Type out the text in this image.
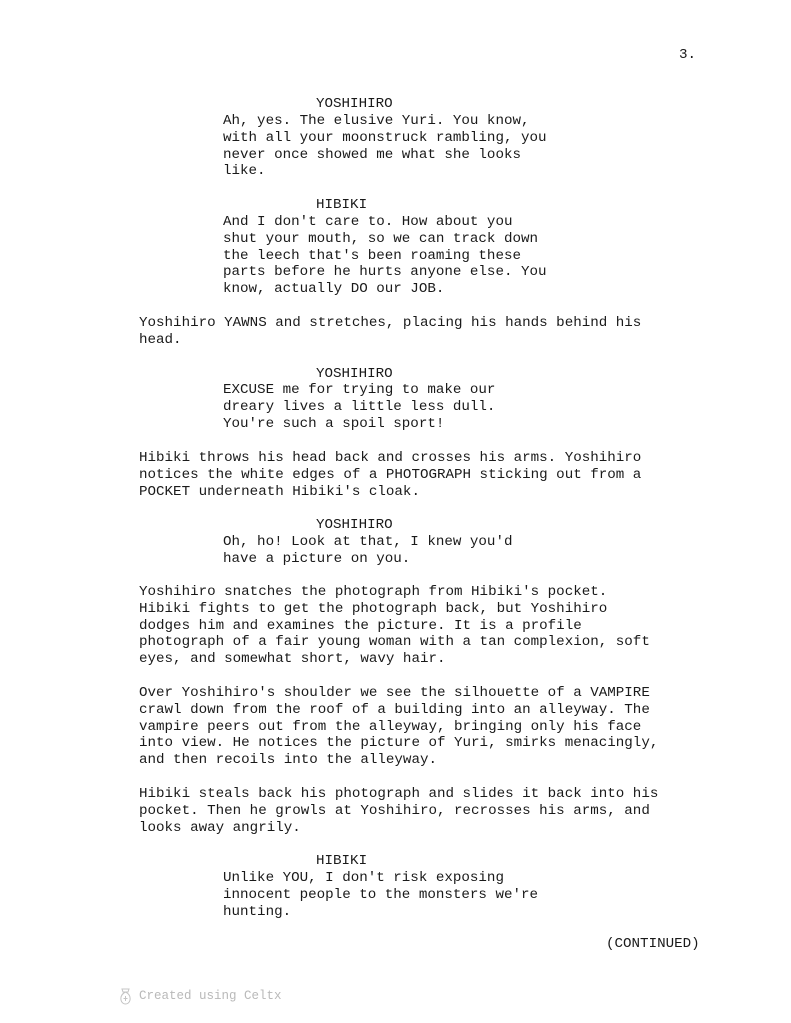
3.

YOSHIHIRO

Ah, yes. The elusive Yuri. You know,
with all your moonstruck rambling, you
never once showed me what she looks
like.

HIBIKI

And I don't care to. How about you
shut your mouth, so we can track down
the leech that's been roaming these
parts before he hurts anyone else. You
know, actually DO our JOB.

Yoshihiro YAWNS and stretches, placing his hands behind his
head.

YOSHIHIRO

EXCUSE me for trying to make our
dreary lives a little less dull.
You're such a spoil sport!

Hibiki throws his head back and crosses his arms. Yoshihiro
notices the white edges of a PHOTOGRAPH sticking out from a
POCKET underneath Hibiki's cloak.

YOSHIHIRO

Oh, ho! Look at that, I knew you'd
have a picture on you.

Yoshihiro snatches the photograph from Hibiki's pocket.
Hibiki fights to get the photograph back, but Yoshihiro
dodges him and examines the picture. It is a profile
photograph of a fair young woman with a tan complexion, soft
eyes, and somewhat short, wavy hair.

Over Yoshihiro's shoulder we see the silhouette of a VAMPIRE
crawl down from the roof of a building into an alleyway. The
vampire peers out from the alleyway, bringing only his face
into view. He notices the picture of Yuri, smirks menacingly,
and then recoils into the alleyway.

Hibiki steals back his photograph and slides it back into his
pocket. Then he growls at Yoshihiro, recrosses his arms, and
looks away angrily.

HIBIKI

Unlike YOU, I don't risk exposing
innocent people to the monsters we're
hunting.

(CONTINUED)
Created using Celtx
